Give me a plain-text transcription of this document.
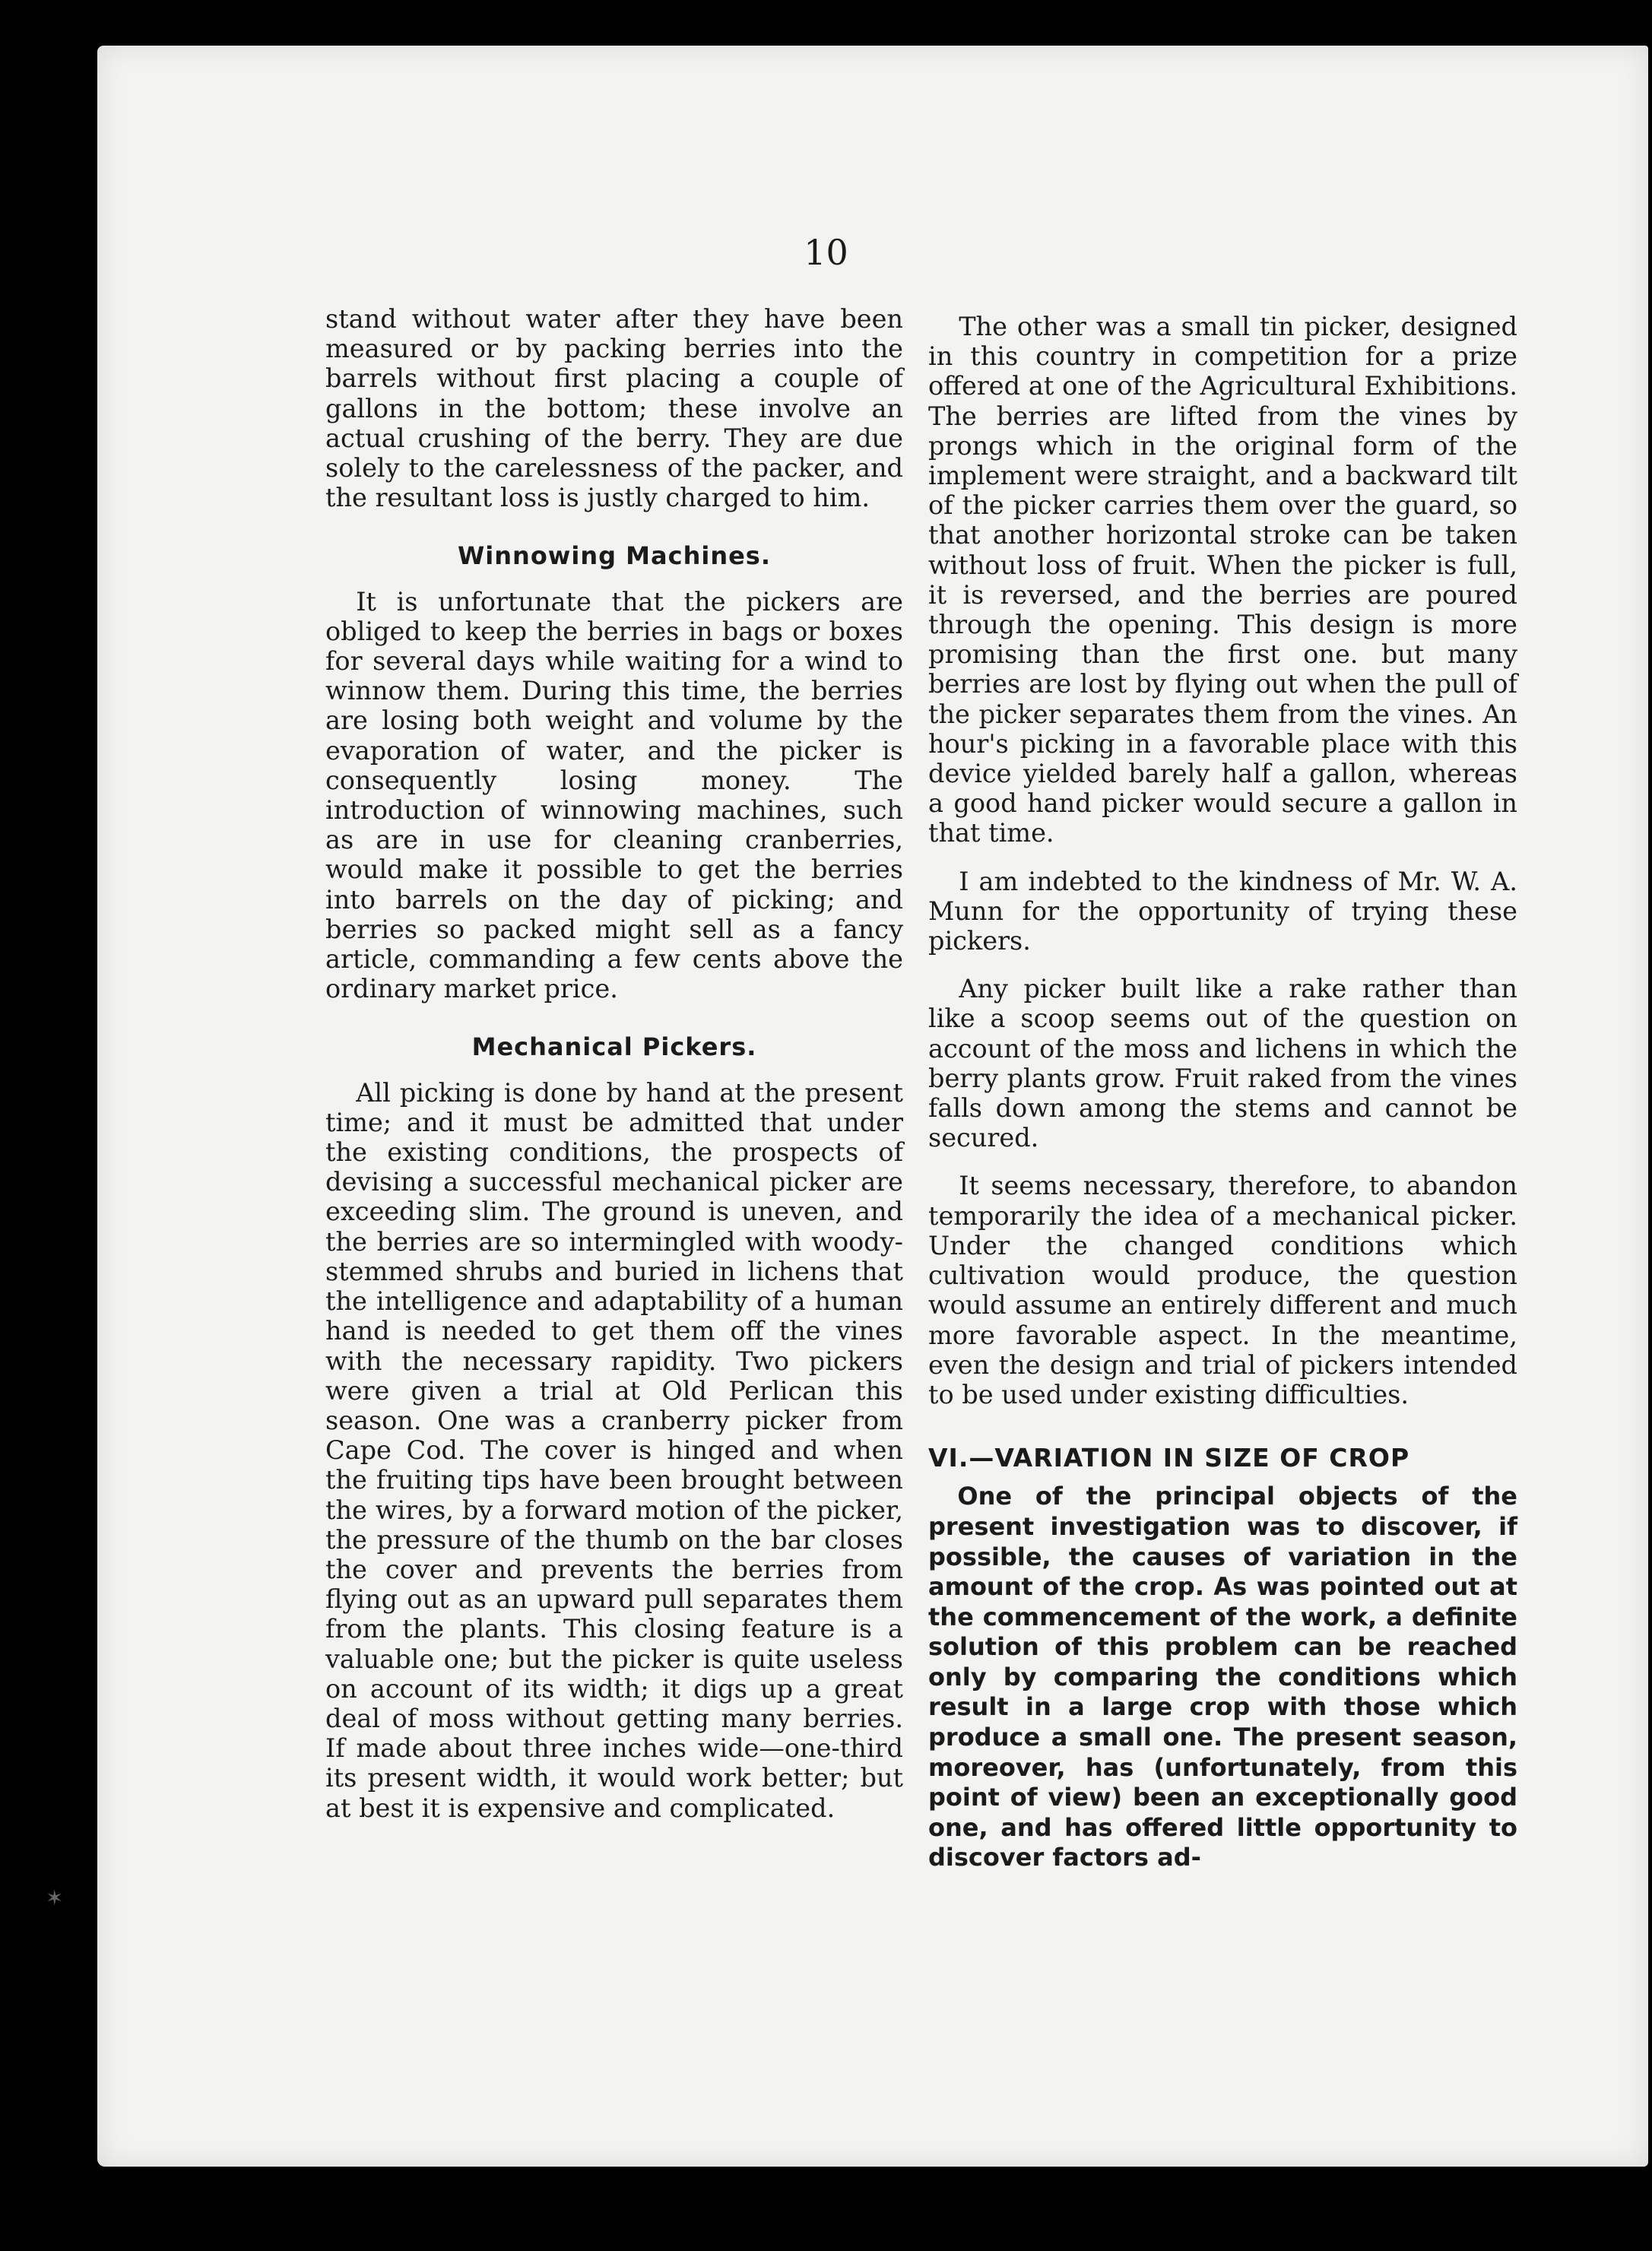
10

stand without water after they have been measured or by packing berries into the barrels without first placing a couple of gallons in the bottom; these involve an actual crushing of the berry. They are due solely to the carelessness of the packer, and the resultant loss is justly charged to him.

Winnowing Machines.

It is unfortunate that the pickers are obliged to keep the berries in bags or boxes for several days while waiting for a wind to winnow them. During this time, the berries are losing both weight and volume by the evaporation of water, and the picker is consequently losing money. The introduction of winnowing machines, such as are in use for cleaning cranberries, would make it possible to get the berries into barrels on the day of picking; and berries so packed might sell as a fancy article, commanding a few cents above the ordinary market price.

Mechanical Pickers.

All picking is done by hand at the present time; and it must be admitted that under the existing conditions, the prospects of devising a successful mechanical picker are exceeding slim. The ground is uneven, and the berries are so intermingled with woody-stemmed shrubs and buried in lichens that the intelligence and adaptability of a human hand is needed to get them off the vines with the necessary rapidity. Two pickers were given a trial at Old Perlican this season. One was a cranberry picker from Cape Cod. The cover is hinged and when the fruiting tips have been brought between the wires, by a forward motion of the picker, the pressure of the thumb on the bar closes the cover and prevents the berries from flying out as an upward pull separates them from the plants. This closing feature is a valuable one; but the picker is quite useless on account of its width; it digs up a great deal of moss without getting many berries. If made about three inches wide—one-third its present width, it would work better; but at best it is expensive and complicated.

The other was a small tin picker, designed in this country in competition for a prize offered at one of the Agricultural Exhibitions. The berries are lifted from the vines by prongs which in the original form of the implement were straight, and a backward tilt of the picker carries them over the guard, so that another horizontal stroke can be taken without loss of fruit. When the picker is full, it is reversed, and the berries are poured through the opening. This design is more promising than the first one. but many berries are lost by flying out when the pull of the picker separates them from the vines. An hour's picking in a favorable place with this device yielded barely half a gallon, whereas a good hand picker would secure a gallon in that time.

I am indebted to the kindness of Mr. W. A. Munn for the opportunity of trying these pickers.

Any picker built like a rake rather than like a scoop seems out of the question on account of the moss and lichens in which the berry plants grow. Fruit raked from the vines falls down among the stems and cannot be secured.

It seems necessary, therefore, to abandon temporarily the idea of a mechanical picker. Under the changed conditions which cultivation would produce, the question would assume an entirely different and much more favorable aspect. In the meantime, even the design and trial of pickers intended to be used under existing difficulties.

VI.—VARIATION IN SIZE OF CROP

One of the principal objects of the present investigation was to discover, if possible, the causes of variation in the amount of the crop. As was pointed out at the commencement of the work, a definite solution of this problem can be reached only by comparing the conditions which result in a large crop with those which produce a small one. The present season, moreover, has (unfortunately, from this point of view) been an exceptionally good one, and has offered little opportunity to discover factors ad-

✶
